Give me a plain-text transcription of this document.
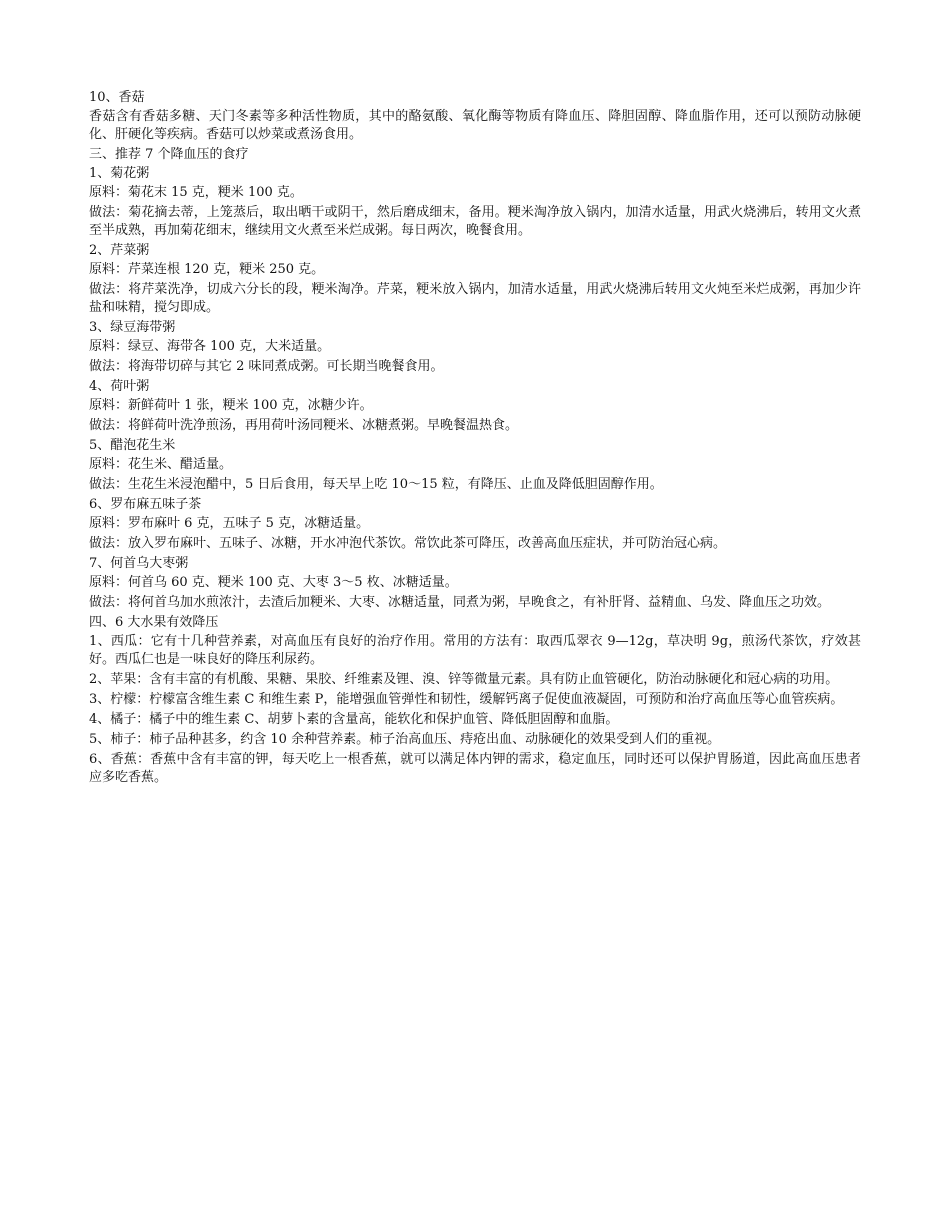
10、香菇
香菇含有香菇多糖、天门冬素等多种活性物质，其中的酪氨酸、氧化酶等物质有降血压、降胆固醇、降血脂作用，还可以预防动脉硬化、肝硬化等疾病。香菇可以炒菜或煮汤食用。
三、推荐 7 个降血压的食疗
1、菊花粥
原料：菊花末 15 克，粳米 100 克。
做法：菊花摘去蒂，上笼蒸后，取出晒干或阴干，然后磨成细末，备用。粳米淘净放入锅内，加清水适量，用武火烧沸后，转用文火煮至半成熟，再加菊花细末，继续用文火煮至米烂成粥。每日两次，晚餐食用。
2、芹菜粥
原料：芹菜连根 120 克，粳米 250 克。
做法：将芹菜洗净，切成六分长的段，粳米淘净。芹菜，粳米放入锅内，加清水适量，用武火烧沸后转用文火炖至米烂成粥，再加少许盐和味精，搅匀即成。
3、绿豆海带粥
原料：绿豆、海带各 100 克，大米适量。
做法：将海带切碎与其它 2 味同煮成粥。可长期当晚餐食用。
4、荷叶粥
原料：新鲜荷叶 1 张，粳米 100 克，冰糖少许。
做法：将鲜荷叶洗净煎汤，再用荷叶汤同粳米、冰糖煮粥。早晚餐温热食。
5、醋泡花生米
原料：花生米、醋适量。
做法：生花生米浸泡醋中，5 日后食用，每天早上吃 10～15 粒，有降压、止血及降低胆固醇作用。
6、罗布麻五味子茶
原料：罗布麻叶 6 克，五味子 5 克，冰糖适量。
做法：放入罗布麻叶、五味子、冰糖，开水冲泡代茶饮。常饮此茶可降压，改善高血压症状，并可防治冠心病。
7、何首乌大枣粥
原料：何首乌 60 克、粳米 100 克、大枣 3～5 枚、冰糖适量。
做法：将何首乌加水煎浓汁，去渣后加粳米、大枣、冰糖适量，同煮为粥，早晚食之，有补肝肾、益精血、乌发、降血压之功效。
四、6 大水果有效降压
1、西瓜：它有十几种营养素，对高血压有良好的治疗作用。常用的方法有：取西瓜翠衣 9—12g，草决明 9g，煎汤代茶饮，疗效甚好。西瓜仁也是一味良好的降压利尿药。
2、苹果：含有丰富的有机酸、果糖、果胶、纤维素及锂、溴、锌等微量元素。具有防止血管硬化，防治动脉硬化和冠心病的功用。
3、柠檬：柠檬富含维生素 C 和维生素 P，能增强血管弹性和韧性，缓解钙离子促使血液凝固，可预防和治疗高血压等心血管疾病。
4、橘子：橘子中的维生素 C、胡萝卜素的含量高，能软化和保护血管、降低胆固醇和血脂。
5、柿子：柿子品种甚多，约含 10 余种营养素。柿子治高血压、痔疮出血、动脉硬化的效果受到人们的重视。
6、香蕉：香蕉中含有丰富的钾，每天吃上一根香蕉，就可以满足体内钾的需求，稳定血压，同时还可以保护胃肠道，因此高血压患者应多吃香蕉。
